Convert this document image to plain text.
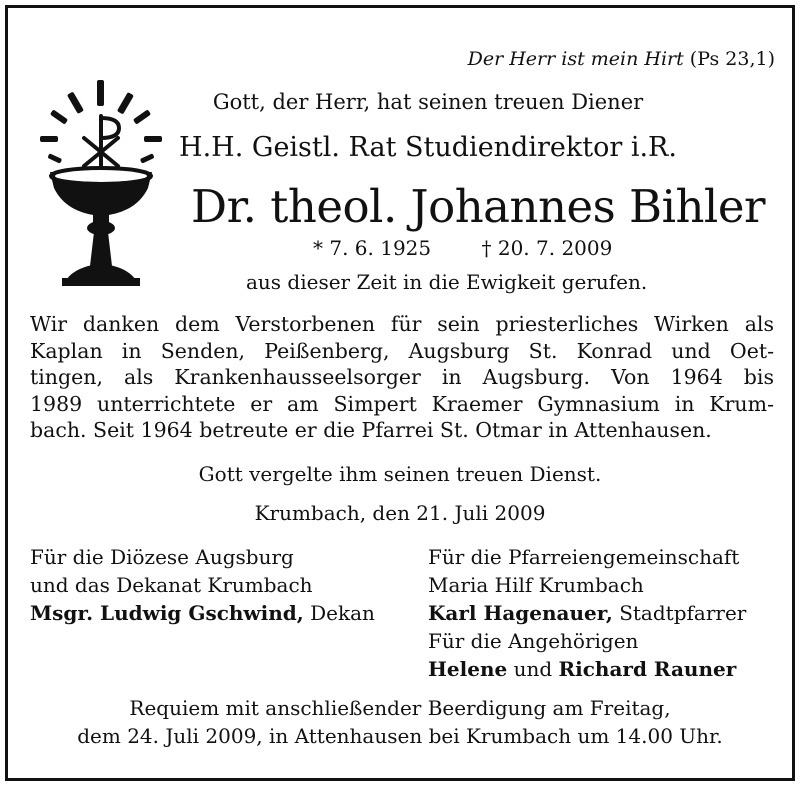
Der Herr ist mein Hirt (Ps 23,1)
Gott, der Herr, hat seinen treuen Diener
H.H. Geistl. Rat Studiendirektor i.R.
Dr. theol. Johannes Bihler
* 7. 6. 1925	† 20. 7. 2009
aus dieser Zeit in die Ewigkeit gerufen.
Wir danken dem Verstorbenen für sein priesterliches Wirken als
Kaplan in Senden, Peißenberg, Augsburg St. Konrad und Oet-
tingen, als Krankenhausseelsorger in Augsburg. Von 1964 bis
1989 unterrichtete er am Simpert Kraemer Gymnasium in Krum-
bach. Seit 1964 betreute er die Pfarrei St. Otmar in Attenhausen.
Gott vergelte ihm seinen treuen Dienst.
Krumbach, den 21. Juli 2009
Für die Diözese Augsburg
und das Dekanat Krumbach
Msgr. Ludwig Gschwind, Dekan
Für die Pfarreiengemeinschaft
Maria Hilf Krumbach
Karl Hagenauer, Stadtpfarrer
Für die Angehörigen
Helene und Richard Rauner
Requiem mit anschließender Beerdigung am Freitag,
dem 24. Juli 2009, in Attenhausen bei Krumbach um 14.00 Uhr.
